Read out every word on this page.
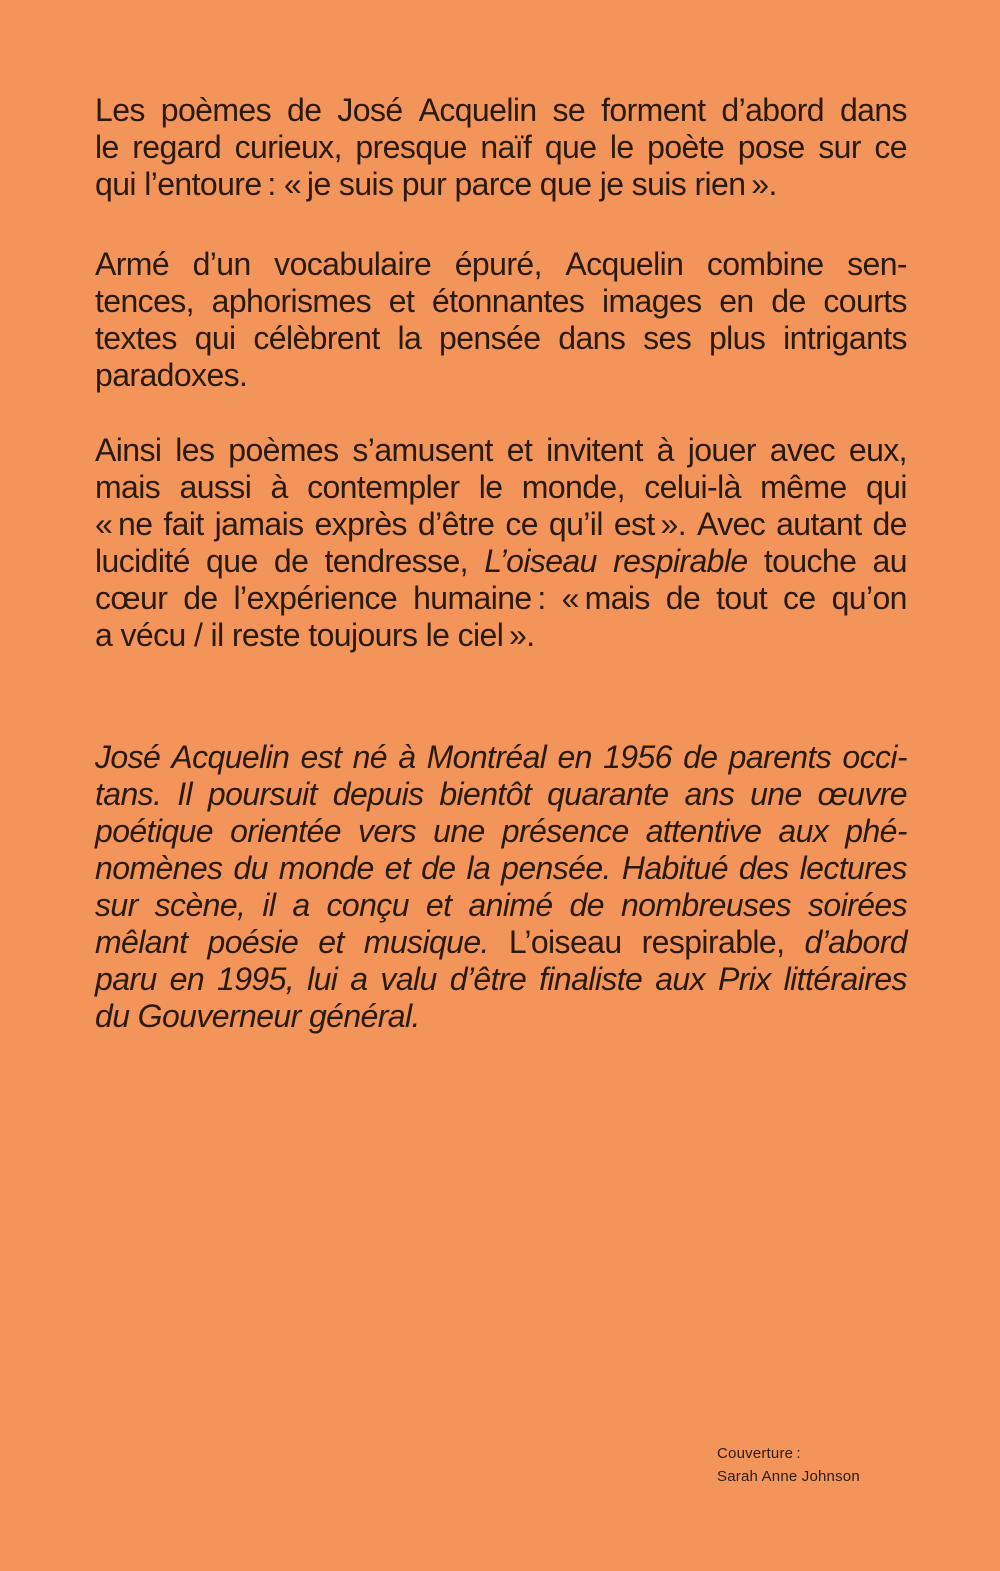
Les poèmes de José Acquelin se forment d’abord dans
le regard curieux, presque naïf que le poète pose sur ce
qui l’entoure : « je suis pur parce que je suis rien ».
Armé d’un vocabulaire épuré, Acquelin combine sen-
tences, aphorismes et étonnantes images en de courts
textes qui célèbrent la pensée dans ses plus intrigants
paradoxes.
Ainsi les poèmes s’amusent et invitent à jouer avec eux,
mais aussi à contempler le monde, celui-là même qui
« ne fait jamais exprès d’être ce qu’il est ». Avec autant de
lucidité que de tendresse, L’oiseau respirable touche au
cœur de l’expérience humaine : « mais de tout ce qu’on
a vécu / il reste toujours le ciel ».
José Acquelin est né à Montréal en 1956 de parents occi-
tans. Il poursuit depuis bientôt quarante ans une œuvre
poétique orientée vers une présence attentive aux phé-
nomènes du monde et de la pensée. Habitué des lectures
sur scène, il a conçu et animé de nombreuses soirées
mêlant poésie et musique. L’oiseau respirable, d’abord
paru en 1995, lui a valu d’être finaliste aux Prix littéraires
du Gouverneur général.
Couverture :
Sarah Anne Johnson
